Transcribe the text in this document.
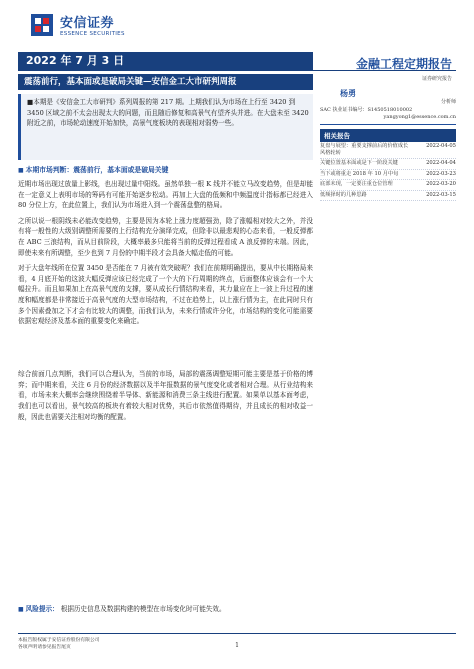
安信证券
ESSENCE SECURITIES
2022 年 7 月 3 日	金融工程定期报告
证券研究报告
震荡前行，基本面或是破局关键—安信金工大市研判周报
■本期是《安信金工大市研判》系列周报的第 217 期。上期我们认为市场在上行至 3420 到 3450 区域之前不太会出现太大的问题，而且随后修复和高景气有望齐头并进。在大盘未至 3420 附近之前，市场轮动速度开始加快，高景气度板块的表现相对弱势一些。
■ 本期市场判断：震荡前行，基本面或是破局关键
近期市场出现过放量上影线，也出现过量中阳线。虽然单独一根 K 线并不能立马改变趋势，但是却能在一定意义上表明市场的筹码有可能开始逐步松动。再加上大盘的低频和中频温度计指标都已经进入 80 分位上方，在此位置上，我们认为市场进入到一个震荡盘整的格局。
之所以说一根阴线未必能改变趋势，主要是因为本轮上涨力度超强劲，除了涨幅相对较大之外，并没有将一般性的大级别调整所需要的上行结构充分演绎完成，但除非以最悲观的心态来看，一般反弹都在 ABC 三浪结构，而从目前阶段，大概率最多只能将当前的反弹过程看成 A 浪反弹的末端。因此，即使未来有所调整，至少也到 7 月份的中期半段才会具备大幅走低的可能。
对于大盘年线所在位置 3450 是否能在 7 月被有效突破呢？我们在前期明确提出，要从中长期格局来看，4 月底开始的这波大幅反弹应该已经完成了一个大的下行周期的终点，后面整体应该会有一个大幅拉升。而且如果加上在高景气度的支撑，要从成长行情结构来看，其力量应在上一波上升过程的速度和幅度都是非常接近于高景气度的大型市场结构，不过在趋势上，以上涨行情为主，在此同时只有多个因素叠加之下才会有比较大的调整，而我们认为，未来行情或许分化，市场结构的变化可能需要依据宏观经济及基本面的重要变化来确定。
综合前面几点判断，我们可以合理认为，当前的市场，局部的震荡调整短期可能主要是基于价格的博弈；而中期来看，关注 6 月份的经济数据以及半年报数据的景气度变化或者相对合理。从行业结构来看，市场未来大概率会继续围绕着半导体、新能源和消费三条主线进行配置。如果单以基本面考虑，我们也可以看出，景气较高的板块有着较大相对优势，其后市依然值得期待，并且成长的相对收益一般，因此也需要关注相对均衡的配置。
杨勇
分析师
SAC 执业证书编号：S1450518010002
yangyong1@essence.com.cn
相关报告
复盘与展望：重要支撑前后的价值成长风格轮转
2022-04-05
关键位置基本面或是下一阶段关键	2022-04-04
当下或将重走 2018 年 10 月中旬	2022-03-23
底部未现，一定要注重仓位管理	2022-03-20
低频择时的几种思路	2022-03-15
■ 风险提示： 根据历史信息及数据构建的模型在市场变化时可能失效。
本报告版权属于安信证券股份有限公司
各项声明请参见报告尾页	1
